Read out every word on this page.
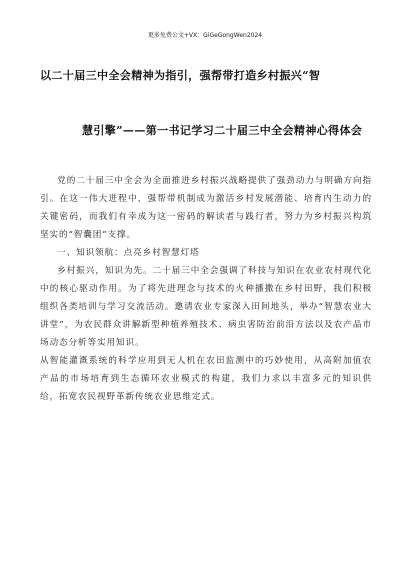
更多免费公文+VX：GiGeGongWen2024
以二十届三中全会精神为指引，强帮带打造乡村振兴“智
慧引擎”——第一书记学习二十届三中全会精神心得体会

党的二十届三中全会为全面推进乡村振兴战略提供了强劲动力与明确方向指引。在这一伟大进程中，强帮带机制成为激活乡村发展潜能、培育内生动力的关键密码，而我们有幸成为这一密码的解读者与践行者，努力为乡村振兴构筑坚实的“智囊团”支撑。

一、知识领航：点亮乡村智慧灯塔

乡村振兴，知识为先。二十届三中全会强调了科技与知识在农业农村现代化中的核心驱动作用。为了将先进理念与技术的火种播撒在乡村田野，我们积极组织各类培训与学习交流活动。邀请农业专家深入田间地头，举办“智慧农业大讲堂”，为农民群众讲解新型种植养殖技术、病虫害防治前沿方法以及农产品市场动态分析等实用知识。

从智能灌溉系统的科学应用到无人机在农田监测中的巧妙使用，从高附加值农产品的市场培育到生态循环农业模式的构建，我们力求以丰富多元的知识供给，拓宽农民视野革新传统农业思维定式。
